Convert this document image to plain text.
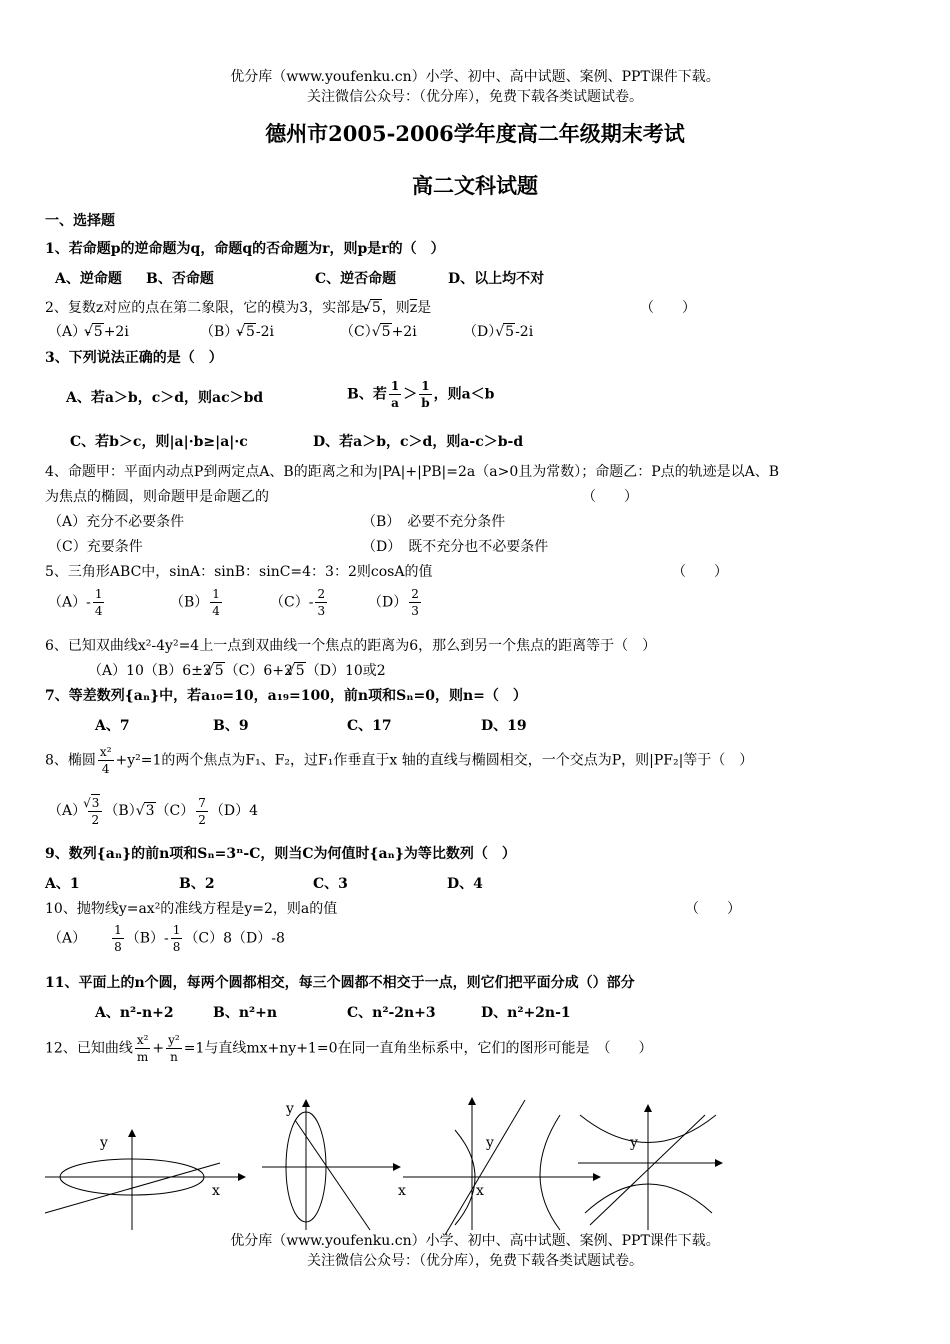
优分库（www.youfenku.cn）小学、初中、高中试题、案例、PPT课件下载。
关注微信公众号：（优分库），免费下载各类试题试卷。
德州市2005-2006学年度高二年级期末考试
高二文科试题
一、选择题
1、若命题p的逆命题为q，命题q的否命题为r，则p是r的（　）
A、逆命题 B、否命题	C、逆否命题	D、以上均不对
2、复数z对应的点在第二象限，它的模为3，实部是- √ 5，则$\overline{z}$是	（　　）
（A）- √ 5+2i	（B）- √ 5-2i	（C） √ 5+2i	（D） √ 5-2i
3、下列说法正确的是（　）
A、若a＞b，c＞d，则ac＞bd	B、若 $\frac{1}{a} > \frac{1}{b}$ ，则a＜b
C、若b＞c，则|a|·b≥|a|·c	D、若a＞b，c＞d，则a-c＞b-d
4、命题甲：平面内动点P到两定点A、B的距离之和为|PA|+|PB|=2a（a>0且为常数）；命题乙：P点的轨迹是以A、B
为焦点的椭圆，则命题甲是命题乙的	（　　）
（A）充分不必要条件	（B）　必要不充分条件
（C）充要条件	（D）　既不充分也不必要条件
5、三角形ABC中，sinA：sinB：sinC=4：3：2则cosA的值	（　　）
$(A)- \frac{1}{4}$	$(B) \frac{1}{4}$	$(C)- \frac{2}{3}$	$(D) \frac{2}{3}$
6、已知双曲线x²-4y²=4上一点到双曲线一个焦点的距离为6，那么到另一个焦点的距离等于（　）
（A）10（B）6±2 √ 5（C）6+2 √ 5（D）10或2
7、等差数列{aₙ}中，若a₁₀=10，a₁₉=100，前n项和Sₙ=0，则n=（　）
A、7	B、9	C、17	D、19
8、椭圆 $\frac{\text{x²}}{4} +y^2=1$的两个焦点为F₁、F₂，过F₁作垂直于x 轴的直线与椭圆相交，一个交点为P，则|PF₂|等于（　）
（A） √ $\frac{3}{2} (B)$ √ $3(C) \frac{7}{2} (D)4$
9、数列{aₙ}的前n项和Sₙ=3ⁿ-C，则当C为何值时{aₙ}为等比数列（　）
A、1	B、2	C、3	D、4
10、抛物线y=ax²的准线方程是y=2，则a的值	（　　）
$(A) \frac{1}{8} (B)- \frac{1}{8} (C)8(D)-8$
11、平面上的n个圆，每两个圆都相交，每三个圆都不相交于一点，则它们把平面分成（）部分
A、n²-n+2	B、n²+n	C、n²-2n+3	D、n²+2n-1
12、已知曲线 $\frac{\text{x²}}{m} + \frac{\text{y²}}{n} =1$与直线mx+ny+1=0在同一直角坐标系中，它们的图形可能是　（　　）
y
x
y
y
x	x
y
优分库（www.youfenku.cn）小学、初中、高中试题、案例、PPT课件下载。
关注微信公众号：（优分库），免费下载各类试题试卷。
